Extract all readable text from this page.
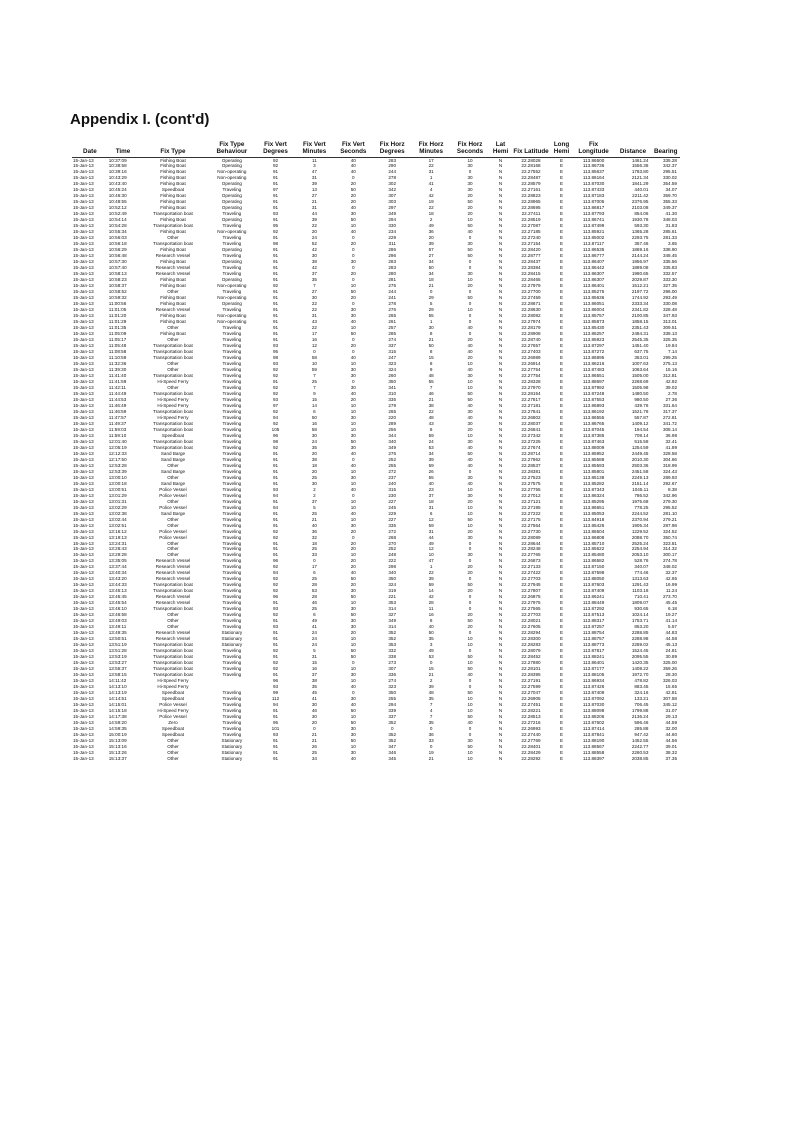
Appendix I. (cont'd)
Date	Time	Fix Type	Fix Type Behaviour	Fix Vert Degrees	Fix Vert Minutes	Fix Vert Seconds	Fix Horz Degrees	Fix Horz Minutes	Fix Horz Seconds	Lat Hemi	Fix Latitude	Long Hemi	Fix Longitude	Distance	Bearing
15-Jan-13	10:37:09	Fishing Boat	Operating	92	11	40	283	17	10	N	22.28028	E	113.86500	1461.24	335.28
15-Jan-13	10:38:58	Fishing Boat	Operating	92	3	40	290	22	30	N	22.28168	E	113.86736	1556.38	342.37
15-Jan-13	10:39:16	Fishing Boat	Non-operating	91	47	40	244	31	0	N	22.27552	E	113.85637	1783.80	295.51
15-Jan-13	10:43:29	Fishing Boat	Non-operating	91	31	0	278	1	30	N	22.28487	E	113.86164	2121.34	330.02
15-Jan-13	10:43:40	Fishing Boat	Operating	91	39	20	302	41	30	N	22.28579	E	113.87030	1841.29	354.59
15-Jan-13	10:45:24	Speedboat	Traveling	97	13	50	342	4	30	N	22.27161	E	113.87433	440.01	34.07
15-Jan-13	10:46:30	Fishing Boat	Operating	91	27	20	307	42	20	N	22.28823	E	113.87183	2211.42	359.70
15-Jan-13	10:48:55	Fishing Boat	Operating	91	21	20	303	19	50	N	22.28965	E	113.87005	2376.95	355.33
15-Jan-13	10:52:12	Fishing Boat	Operating	91	31	40	297	22	20	N	22.28695	E	113.86817	2103.08	349.37
15-Jan-13	10:52:49	Transportation boat	Traveling	93	44	30	349	18	20	N	22.27411	E	113.87793	854.06	41.30
15-Jan-13	10:54:14	Fishing Boat	Operating	91	39	50	294	2	10	N	22.28519	E	113.86741	1930.78	348.03
15-Jan-13	10:54:28	Transportation boat	Traveling	95	22	10	330	49	50	N	22.27087	E	113.87499	593.30	31.83
15-Jan-13	10:55:34	Fishing Boat	Non-operating	92	20	40	234	36	40	N	22.27185	E	113.85921	1365.28	285.61
15-Jan-13	10:56:03	Other	Traveling	91	24	0	229	20	0	N	22.27240	E	113.85002	2293.75	281.33
15-Jan-13	10:56:18	Transportation boat	Traveling	98	52	20	311	39	30	N	22.27154	E	113.87117	357.46	3.65
15-Jan-13	10:56:29	Fishing Boat	Operating	91	42	0	286	57	50	N	22.28420	E	113.86535	1869.16	338.90
15-Jan-13	10:56:48	Research Vessel	Traveling	91	30	0	296	27	50	N	22.28777	E	113.86777	2144.24	348.45
15-Jan-13	10:57:30	Fishing Boat	Operating	91	38	30	283	34	0	N	22.28437	E	113.86407	1956.97	335.56
15-Jan-13	10:57:40	Research Vessel	Traveling	91	42	0	283	50	0	N	22.28384	E	113.86442	1889.08	335.83
15-Jan-13	10:58:13	Research Vessel	Traveling	91	37	20	280	34	30	N	22.28415	E	113.86307	1980.65	332.57
15-Jan-13	10:58:23	Fishing Boat	Operating	91	35	0	281	18	10	N	22.28465	E	113.86307	2029.87	333.30
15-Jan-13	10:58:37	Fishing Boat	Non-operating	92	7	10	275	21	20	N	22.27979	E	113.86401	1512.21	327.35
15-Jan-13	10:58:52	Other	Traveling	91	27	50	244	0	0	N	22.27700	E	113.85275	2197.72	296.00
15-Jan-13	10:59:32	Fishing Boat	Non-operating	91	30	20	241	29	50	N	22.27459	E	113.85636	1744.92	293.49
15-Jan-13	11:00:56	Fishing Boat	Operating	91	22	0	278	5	0	N	22.28671	E	113.86051	2333.34	330.08
15-Jan-13	11:01:05	Research Vessel	Traveling	91	22	30	276	29	10	N	22.28630	E	113.86004	2341.82	328.48
15-Jan-13	11:01:20	Fishing Boat	Non-operating	91	31	30	265	55	0	N	22.28082	E	113.85757	2100.85	347.93
15-Jan-13	11:01:29	Fishing Boat	Non-operating	91	43	40	261	1	0	N	22.27974	E	113.85873	1858.15	313.01
15-Jan-13	11:01:35	Other	Traveling	91	22	10	257	30	40	N	22.28179	E	113.85430	2351.43	309.51
15-Jan-13	11:05:09	Fishing Boat	Traveling	91	17	50	285	8	0	N	22.28908	E	113.86257	2484.31	338.13
15-Jan-13	11:05:17	Other	Traveling	91	16	0	274	21	20	N	22.28740	E	113.85923	2545.35	325.35
15-Jan-13	11:05:48	Transportation boat	Traveling	93	12	20	337	50	40	N	22.27657	E	113.87297	1451.40	19.84
15-Jan-13	11:08:58	Transportation boat	Traveling	95	0	0	315	8	40	N	22.27403	E	113.87272	637.75	7.14
15-Jan-13	11:10:59	Transportation boat	Traveling	98	58	40	247	15	20	N	22.26989	E	113.86895	353.01	299.25
15-Jan-13	11:32:36	Other	Traveling	93	10	10	323	8	10	N	22.26914	E	113.86216	1007.63	275.13
15-Jan-13	11:39:30	Other	Traveling	92	59	30	324	9	40	N	22.27754	E	113.87483	1063.64	15.16
15-Jan-13	11:41:40	Transportation boat	Traveling	92	7	30	260	48	30	N	22.27754	E	113.86551	1505.00	312.81
15-Jan-13	11:41:59	Hi-Speed Ferry	Traveling	91	25	0	350	55	10	N	22.28328	E	113.88697	2268.69	42.92
15-Jan-13	11:42:11	Other	Traveling	92	7	30	341	7	10	N	22.27970	E	113.87992	1505.98	39.02
15-Jan-13	11:44:49	Transportation boat	Traveling	92	9	40	310	46	50	N	22.28154	E	113.87248	1480.50	2.78
15-Jan-13	11:44:53	Hi-Speed Ferry	Traveling	93	15	20	335	21	50	N	22.27817	E	113.87553	980.50	27.36
15-Jan-13	11:46:49	Hi-Speed Ferry	Traveling	97	14	10	279	38	40	N	22.27181	E	113.86893	439.76	331.64
15-Jan-13	11:46:59	Transportation boat	Traveling	92	6	10	265	22	30	N	22.27841	E	113.86192	1521.78	317.37
15-Jan-13	11:47:57	Hi-Speed Ferry	Traveling	94	50	30	220	48	40	N	22.26802	E	113.86555	557.87	272.81
15-Jan-13	11:49:37	Transportation boat	Traveling	92	16	10	289	43	30	N	22.28037	E	113.86765	1409.12	341.72
15-Jan-13	11:59:03	Transportation boat	Traveling	105	58	10	256	8	20	N	22.26841	E	113.87045	194.54	308.14
15-Jan-13	11:59:10	Speedboat	Traveling	96	30	30	344	59	10	N	22.27342	E	113.87385	708.14	36.98
15-Jan-13	12:01:40	Transportation boat	Traveling	98	24	50	340	24	30	N	22.27225	E	113.87463	515.58	32.41
15-Jan-13	12:05:19	Transportation boat	Traveling	92	35	30	349	53	40	N	22.27674	E	113.88009	1254.59	41.89
15-Jan-13	12:12:33	Sand Barge	Traveling	91	20	40	276	34	50	N	22.28714	E	113.85952	2449.45	328.58
15-Jan-13	12:17:50	Sand Barge	Traveling	91	38	0	252	39	40	N	22.27862	E	113.85588	2010.30	304.66
15-Jan-13	12:53:28	Other	Traveling	91	18	40	255	59	40	N	22.28537	E	113.85593	2503.36	318.99
15-Jan-13	12:53:39	Sand Barge	Traveling	91	20	10	272	26	0	N	22.28381	E	113.85801	2451.58	324.43
15-Jan-13	13:00:10	Other	Traveling	91	25	30	237	55	30	N	22.27523	E	113.85138	2249.13	289.93
15-Jan-13	13:00:18	Sand Barge	Traveling	91	30	10	240	40	40	N	22.27575	E	113.85282	2151.14	292.67
15-Jan-13	13:00:51	Police Vessel	Traveling	93	2	40	315	23	10	N	22.27755	E	113.87343	1045.11	8.38
15-Jan-13	13:01:29	Police Vessel	Traveling	94	2	0	230	37	30	N	22.27012	E	113.86324	786.52	342.96
15-Jan-13	13:01:31	Other	Traveling	91	37	10	227	18	20	N	22.27121	E	113.85295	1975.68	279.30
15-Jan-13	13:02:29	Police Vessel	Traveling	94	5	10	245	31	10	N	22.27195	E	113.86651	778.25	295.52
15-Jan-13	13:02:38	Sand Barge	Traveling	91	25	40	229	6	10	N	22.27222	E	113.85053	2244.52	281.10
15-Jan-13	13:02:44	Other	Traveling	91	21	10	227	12	50	N	22.27175	E	113.84918	2370.94	279.21
15-Jan-13	13:02:51	Other	Traveling	91	40	30	335	59	10	N	22.27564	E	113.85426	1905.34	287.98
15-Jan-13	13:16:12	Police Vessel	Traveling	92	36	20	272	31	20	N	22.27730	E	113.86504	1229.52	324.52
15-Jan-13	13:19:13	Police Vessel	Traveling	92	32	0	268	44	30	N	22.28089	E	113.86808	2088.70	350.74
15-Jan-13	13:24:31	Other	Traveling	91	18	20	270	49	0	N	22.28644	E	113.85710	2525.24	323.81
15-Jan-13	13:26:43	Other	Traveling	91	25	20	252	12	0	N	22.28248	E	113.85622	2254.94	314.32
15-Jan-13	13:29:28	Other	Traveling	91	33	10	248	10	30	N	22.27765	E	113.85480	2053.10	300.17
15-Jan-13	13:35:05	Research Vessel	Traveling	96	0	20	222	47	0	N	22.26873	E	113.86582	528.76	274.78
15-Jan-13	13:37:44	Research Vessel	Traveling	92	17	20	298	1	20	N	22.27133	E	113.87150	340.07	348.02
15-Jan-13	13:40:34	Research Vessel	Traveling	94	6	40	340	22	20	N	22.27422	E	113.87598	774.46	32.37
15-Jan-13	13:43:20	Research Vessel	Traveling	92	25	50	350	39	0	N	22.27703	E	113.88050	1313.63	42.65
15-Jan-13	13:44:33	Transportation boat	Traveling	92	28	20	324	59	50	N	22.27945	E	113.87603	1291.43	16.99
15-Jan-13	13:45:13	Transportation boat	Traveling	92	53	30	319	14	20	N	22.27807	E	113.87409	1103.18	11.24
15-Jan-13	13:45:45	Research Vessel	Traveling	96	28	50	221	42	0	N	22.26875	E	113.86241	710.41	273.70
15-Jan-13	13:45:54	Research Vessel	Traveling	91	46	10	353	28	0	N	22.27975	E	113.88449	1809.07	45.45
15-Jan-13	13:46:10	Transportation boat	Traveling	93	25	30	314	11	0	N	22.27565	E	113.87292	930.65	6.18
15-Jan-13	13:46:58	Other	Traveling	92	6	50	327	16	20	N	22.27703	E	113.87513	1024.14	19.27
15-Jan-13	13:49:03	Other	Traveling	91	49	30	349	8	50	N	22.28021	E	113.88317	1753.71	41.14
15-Jan-13	13:49:11	Other	Traveling	93	41	30	314	40	20	N	22.27605	E	113.87257	853.20	5.57
15-Jan-13	13:49:35	Research Vessel	Stationary	91	24	20	352	50	0	N	22.28294	E	113.88754	2288.85	44.83
15-Jan-13	13:50:51	Research Vessel	Stationary	91	24	10	352	35	10	N	22.28300	E	113.88757	2288.98	44.58
15-Jan-13	13:51:19	Transportation boat	Stationary	91	24	10	353	3	10	N	22.28283	E	113.88773	2289.02	45.13
15-Jan-13	13:51:28	Transportation boat	Traveling	92	5	50	332	49	0	N	22.28079	E	113.87817	1524.45	24.81
15-Jan-13	13:53:19	Transportation boat	Traveling	91	31	50	338	53	50	N	22.28452	E	113.88241	2095.55	30.89
15-Jan-13	13:53:27	Transportation boat	Traveling	92	15	0	273	0	10	N	22.27880	E	113.86401	1420.35	325.00
15-Jan-13	13:55:37	Transportation boat	Traveling	92	16	10	307	15	50	N	22.28101	E	113.87177	1408.22	359.26
15-Jan-13	13:58:15	Transportation boat	Traveling	91	37	30	336	21	40	N	22.28395	E	113.88105	1972.70	28.30
15-Jan-13	14:11:42	Hi-Speed Ferry		96	38	10	274	2	0	N	22.27191	E	113.86934	478.82	326.03
15-Jan-13	14:13:10	Hi-Speed Ferry		93	35	40	323	39	0	N	22.27599	E	113.87426	883.45	15.65
15-Jan-13	14:13:19	Speedboat	Traveling	99	45	0	350	48	50	N	22.27047	E	113.87409	324.16	42.81
15-Jan-13	14:14:51	Speedboat	Traveling	112	41	30	255	35	10	N	22.26905	E	113.87092	133.21	307.58
15-Jan-13	14:15:01	Police Vessel	Traveling	94	30	40	294	7	10	N	22.27451	E	113.87030	706.45	345.12
15-Jan-13	14:15:18	Hi-Speed Ferry	Traveling	91	46	50	339	4	10	N	22.28221	E	113.88098	1799.88	31.07
15-Jan-13	14:17:38	Police Vessel	Traveling	91	30	10	337	7	50	N	22.28513	E	113.88206	2136.24	29.13
15-Jan-13	14:59:20	Zero	Traveling	95	20	50	352	35	40	N	22.27216	E	113.87602	596.46	44.59
15-Jan-13	14:59:35	Speedboat	Traveling	101	0	30	0	0	0	N	22.26993	E	113.87414	285.88	32.00
15-Jan-13	15:00:19	Speedboat	Traveling	93	21	30	352	36	0	N	22.27440	E	113.87841	947.42	44.60
15-Jan-13	15:13:09	Other	Stationary	91	21	50	352	33	30	N	22.27769	E	113.88190	1452.55	44.56
15-Jan-13	15:13:16	Other	Stationary	91	26	10	347	0	50	N	22.28401	E	113.88567	2242.77	39.01
15-Jan-13	15:13:26	Other	Stationary	91	25	30	346	19	10	N	22.28429	E	113.88558	2260.53	38.32
15-Jan-13	15:13:37	Other	Stationary	91	34	40	345	21	10	N	22.28292	E	113.88397	2038.85	37.35
